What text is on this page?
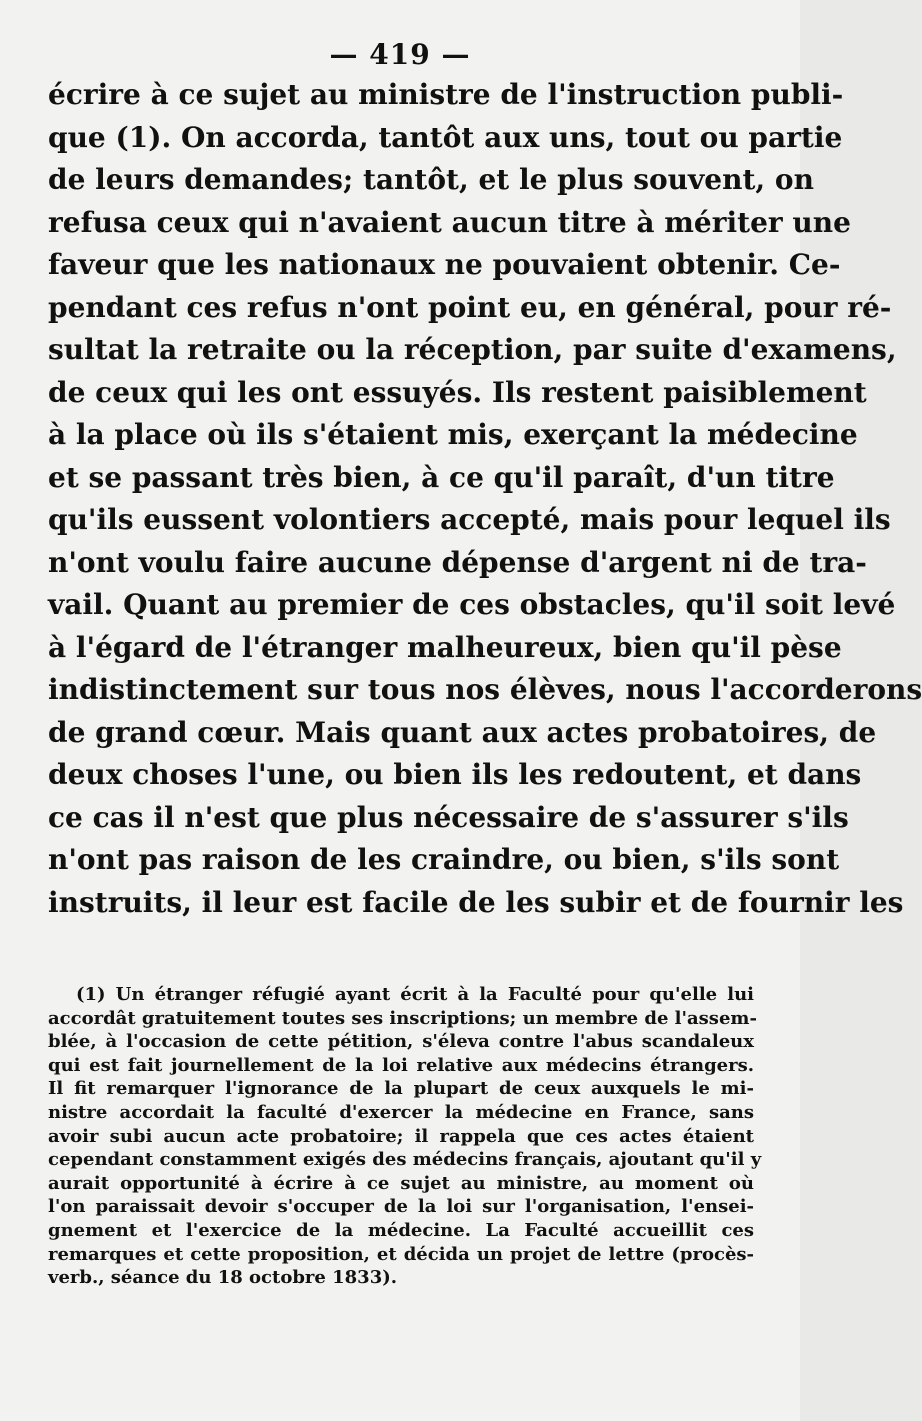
— 419 —
écrire à ce sujet au ministre de l'instruction publi-
que (1). On accorda, tantôt aux uns, tout ou partie
de leurs demandes; tantôt, et le plus souvent, on
refusa ceux qui n'avaient aucun titre à mériter une
faveur que les nationaux ne pouvaient obtenir. Ce-
pendant ces refus n'ont point eu, en général, pour ré-
sultat la retraite ou la réception, par suite d'examens,
de ceux qui les ont essuyés. Ils restent paisiblement
à la place où ils s'étaient mis, exerçant la médecine
et se passant très bien, à ce qu'il paraît, d'un titre
qu'ils eussent volontiers accepté, mais pour lequel ils
n'ont voulu faire aucune dépense d'argent ni de tra-
vail. Quant au premier de ces obstacles, qu'il soit levé
à l'égard de l'étranger malheureux, bien qu'il pèse
indistinctement sur tous nos élèves, nous l'accorderons
de grand cœur. Mais quant aux actes probatoires, de
deux choses l'une, ou bien ils les redoutent, et dans
ce cas il n'est que plus nécessaire de s'assurer s'ils
n'ont pas raison de les craindre, ou bien, s'ils sont
instruits, il leur est facile de les subir et de fournir les
(1) Un étranger réfugié ayant écrit à la Faculté pour qu'elle lui
accordât gratuitement toutes ses inscriptions; un membre de l'assem-
blée, à l'occasion de cette pétition, s'éleva contre l'abus scandaleux
qui est fait journellement de la loi relative aux médecins étrangers.
Il fit remarquer l'ignorance de la plupart de ceux auxquels le mi-
nistre accordait la faculté d'exercer la médecine en France, sans
avoir subi aucun acte probatoire; il rappela que ces actes étaient
cependant constamment exigés des médecins français, ajoutant qu'il y
aurait opportunité à écrire à ce sujet au ministre, au moment où
l'on paraissait devoir s'occuper de la loi sur l'organisation, l'ensei-
gnement et l'exercice de la médecine. La Faculté accueillit ces
remarques et cette proposition, et décida un projet de lettre (procès-
verb., séance du 18 octobre 1833).
